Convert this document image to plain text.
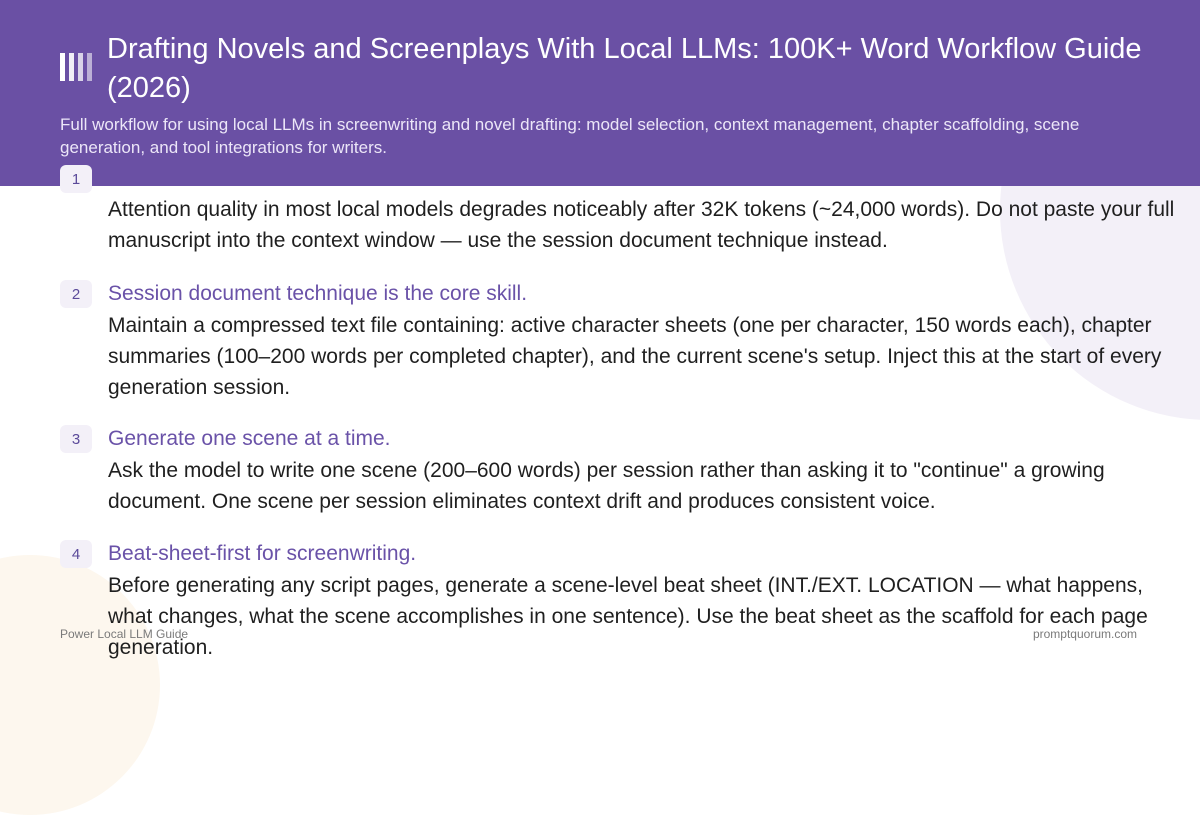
1
Attention quality in most local models degrades noticeably after 32K tokens (~24,000 words). Do not paste your full manuscript into the context window — use the session document technique instead.
2	Session document technique is the core skill.
Maintain a compressed text file containing: active character sheets (one per character, 150 words each), chapter summaries (100–200 words per completed chapter), and the current scene's setup. Inject this at the start of every generation session.
3	Generate one scene at a time.
Ask the model to write one scene (200–600 words) per session rather than asking it to "continue" a growing document. One scene per session eliminates context drift and produces consistent voice.
4	Beat-sheet-first for screenwriting.
Before generating any script pages, generate a scene-level beat sheet (INT./EXT. LOCATION — what happens, what changes, what the scene accomplishes in one sentence). Use the beat sheet as the scaffold for each page generation.
Drafting Novels and Screenplays With Local LLMs: 100K+ Word Workflow Guide (2026)
Full workflow for using local LLMs in screenwriting and novel drafting: model selection, context management, chapter scaffolding, scene generation, and tool integrations for writers.
Power Local LLM Guide	promptquorum.com
